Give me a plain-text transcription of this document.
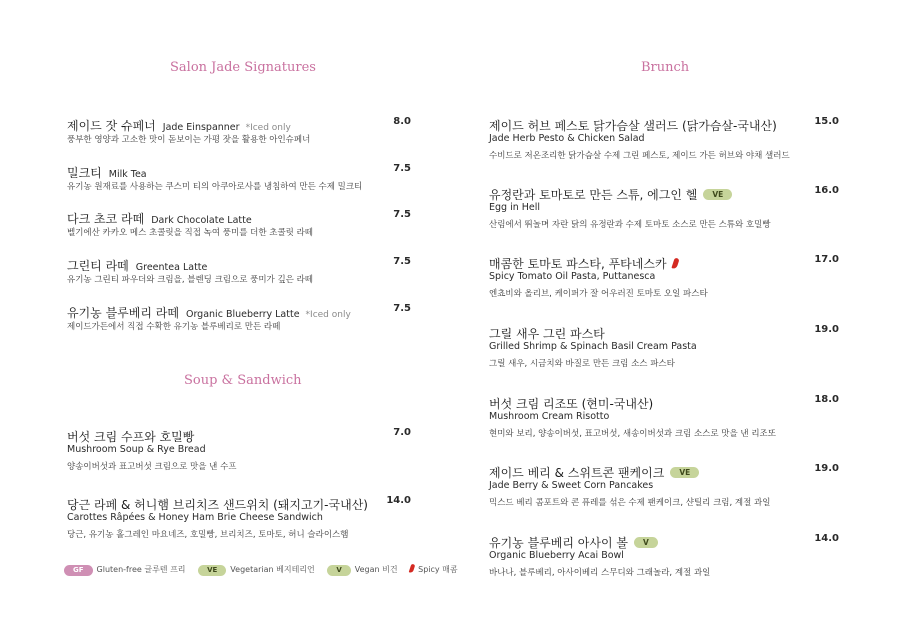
Salon Jade Signatures	Brunch
Soup & Sandwich
제이드 잣 슈페너 Jade Einspanner *Iced only
8.0
풍부한 영양과 고소한 맛이 돋보이는 가평 잣을 활용한 아인슈페너
밀크티 Milk Tea
7.5
유기농 원재료를 사용하는 쿠스미 티의 아쿠아로사를 냉침하여 만든 수제 밀크티
다크 초코 라떼 Dark Chocolate Latte
7.5
벨기에산 카카오 메스 초콜릿을 직접 녹여 풍미를 더한 초콜릿 라떼
그린티 라떼 Greentea Latte
7.5
유기농 그린티 파우더와 크림을, 블렌딩 크림으로 풍미가 깊은 라떼
유기농 블루베리 라떼 Organic Blueberry Latte *Iced only
7.5
제이드가든에서 직접 수확한 유기농 블루베리로 만든 라떼
버섯 크림 수프와 호밀빵	7.0
Mushroom Soup & Rye Bread
양송이버섯과 표고버섯 크림으로 맛을 낸 수프
당근 라페 & 허니햄 브리치즈 샌드위치 (돼지고기-국내산) 14.0
Carottes Râpées & Honey Ham Brie Cheese Sandwich
당근, 유기농 홀그레인 마요네즈, 호밀빵, 브리치즈, 토마토, 허니 슬라이스햄
제이드 허브 페스토 닭가슴살 샐러드 (닭가슴살-국내산)	15.0
Jade Herb Pesto & Chicken Salad
수비드로 저온조리한 닭가슴살 수제 그린 페스토, 제이드 가든 허브와 야채 샐러드
유정란과 토마토로 만든 스튜, 에그인 헬 VE	16.0
Egg in Hell
산림에서 뛰놀며 자란 닭의 유정란과 수제 토마토 소스로 만든 스튜와 호밀빵
매콤한 토마토 파스타, 푸타네스카	17.0
Spicy Tomato Oil Pasta, Puttanesca
엔쵸비와 올리브, 케이퍼가 잘 어우러진 토마토 오일 파스타
그릴 새우 그린 파스타	19.0
Grilled Shrimp & Spinach Basil Cream Pasta
그릴 새우, 시금치와 바질로 만든 크림 소스 파스타
버섯 크림 리조또 (현미-국내산)	18.0
Mushroom Cream Risotto
현미와 보리, 양송이버섯, 표고버섯, 새송이버섯과 크림 소스로 맛을 낸 리조또
제이드 베리 & 스위트콘 팬케이크 VE	19.0
Jade Berry & Sweet Corn Pancakes
믹스드 베리 콤포트와 콘 퓨레를 섞은 수제 팬케이크, 샨틸리 크림, 계절 과일
유기농 블루베리 아사이 볼 V	14.0
Organic Blueberry Acai Bowl
바나나, 블루베리, 아사이베리 스무디와 그래놀라, 계절 과일
GF Gluten-free 글루텐 프리	VE Vegetarian 베지테리언	V Vegan 비건	Spicy 매콤
